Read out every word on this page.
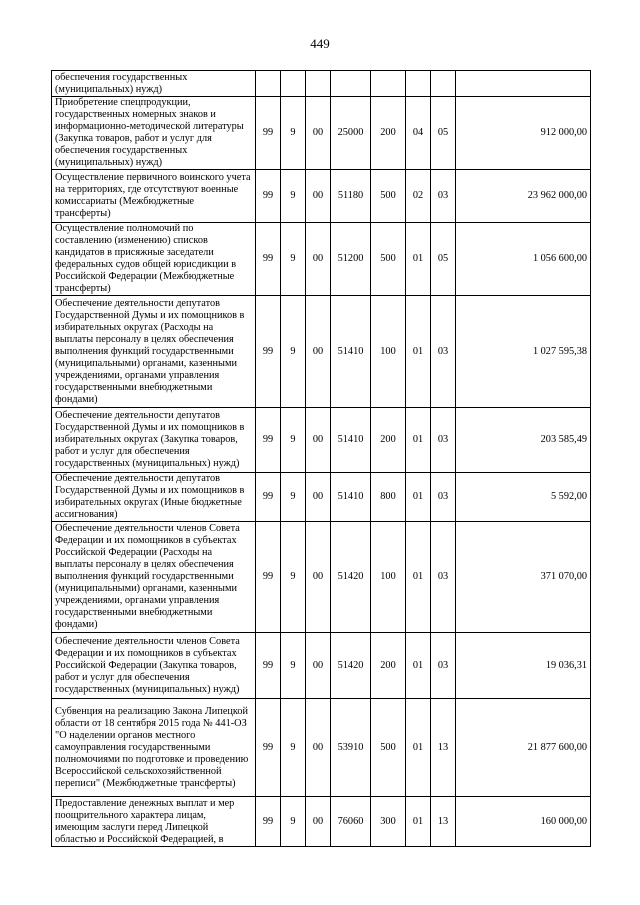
449
обеспечения государственных (муниципальных) нужд)								
Приобретение спецпродукции, государственных номерных знаков и информационно-методической литературы (Закупка товаров, работ и услуг для обеспечения государственных (муниципальных) нужд)	99	9	00	25000	200	04	05	912 000,00
Осуществление первичного воинского учета на территориях, где отсутствуют военные комиссариаты (Межбюджетные трансферты)	99	9	00	51180	500	02	03	23 962 000,00
Осуществление полномочий по составлению (изменению) списков кандидатов в присяжные заседатели федеральных судов общей юрисдикции в Российской Федерации (Межбюджетные трансферты)	99	9	00	51200	500	01	05	1 056 600,00
Обеспечение деятельности депутатов Государственной Думы и их помощников в избирательных округах (Расходы на выплаты персоналу в целях обеспечения выполнения функций государственными (муниципальными) органами, казенными учреждениями, органами управления государственными внебюджетными фондами)	99	9	00	51410	100	01	03	1 027 595,38
Обеспечение деятельности депутатов Государственной Думы и их помощников в избирательных округах (Закупка товаров, работ и услуг для обеспечения государственных (муниципальных) нужд)	99	9	00	51410	200	01	03	203 585,49
Обеспечение деятельности депутатов Государственной Думы и их помощников в избирательных округах (Иные бюджетные ассигнования)	99	9	00	51410	800	01	03	5 592,00
Обеспечение деятельности членов Совета Федерации и их помощников в субъектах Российской Федерации (Расходы на выплаты персоналу в целях обеспечения выполнения функций государственными (муниципальными) органами, казенными учреждениями, органами управления государственными внебюджетными фондами)	99	9	00	51420	100	01	03	371 070,00
Обеспечение деятельности членов Совета Федерации и их помощников в субъектах Российской Федерации (Закупка товаров, работ и услуг для обеспечения государственных (муниципальных) нужд)	99	9	00	51420	200	01	03	19 036,31
Субвенция на реализацию Закона Липецкой области от 18 сентября 2015 года № 441-ОЗ "О наделении органов местного самоуправления государственными полномочиями по подготовке и проведению Всероссийской сельскохозяйственной переписи" (Межбюджетные трансферты)	99	9	00	53910	500	01	13	21 877 600,00
Предоставление денежных выплат и мер поощрительного характера лицам, имеющим заслуги перед Липецкой областью и Российской Федерацией, в	99	9	00	76060	300	01	13	160 000,00
